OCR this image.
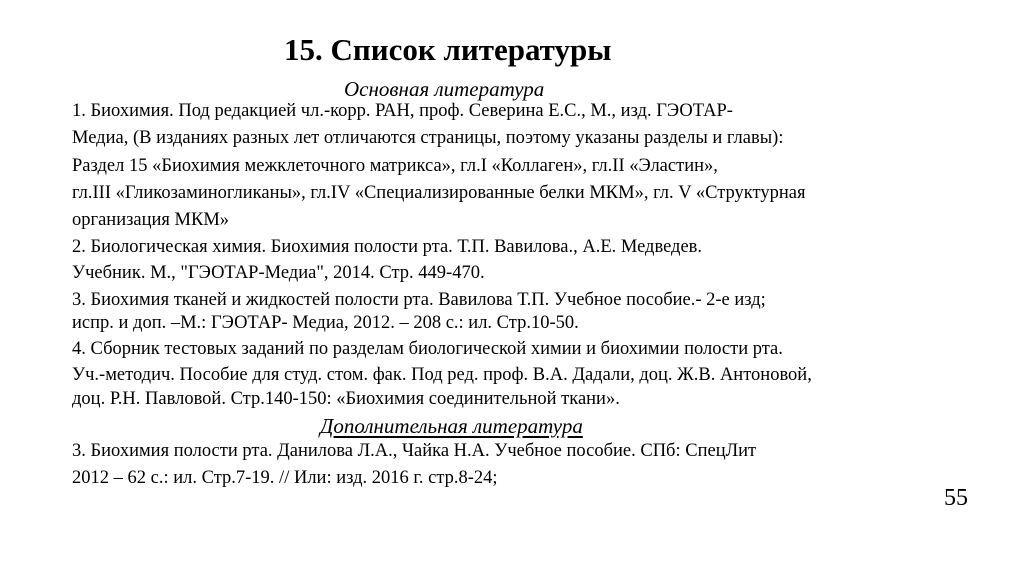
15. Список литературы
Основная литература
1. Биохимия. Под редакцией чл.-корр. РАН, проф. Северина Е.С., М., изд. ГЭОТАР-
Медиа, (В изданиях разных лет отличаются страницы, поэтому указаны разделы и главы):
Раздел 15 «Биохимия межклеточного матрикса», гл.I «Коллаген», гл.II «Эластин»,
гл.III «Гликозаминогликаны», гл.IV «Специализированные белки МКМ», гл. V «Структурная
организация МКМ»
2. Биологическая химия. Биохимия полости рта. Т.П. Вавилова., А.Е. Медведев.
Учебник. М., "ГЭОТАР-Медиа", 2014. Стр. 449-470.
3. Биохимия тканей и жидкостей полости рта. Вавилова Т.П. Учебное пособие.- 2-е изд;
испр. и доп. –М.: ГЭОТАР- Медиа, 2012. – 208 с.: ил. Стр.10-50.
4. Сборник тестовых заданий по разделам биологической химии и биохимии полости рта.
Уч.-методич. Пособие для студ. стом. фак. Под ред. проф. В.А. Дадали, доц. Ж.В. Антоновой,
доц. Р.Н. Павловой. Стр.140-150: «Биохимия соединительной ткани».
Дополнительная литература
3. Биохимия полости рта. Данилова Л.А., Чайка Н.А. Учебное пособие. СПб: СпецЛит
2012 – 62 с.: ил. Стр.7-19. // Или: изд. 2016 г. стр.8-24;
55
